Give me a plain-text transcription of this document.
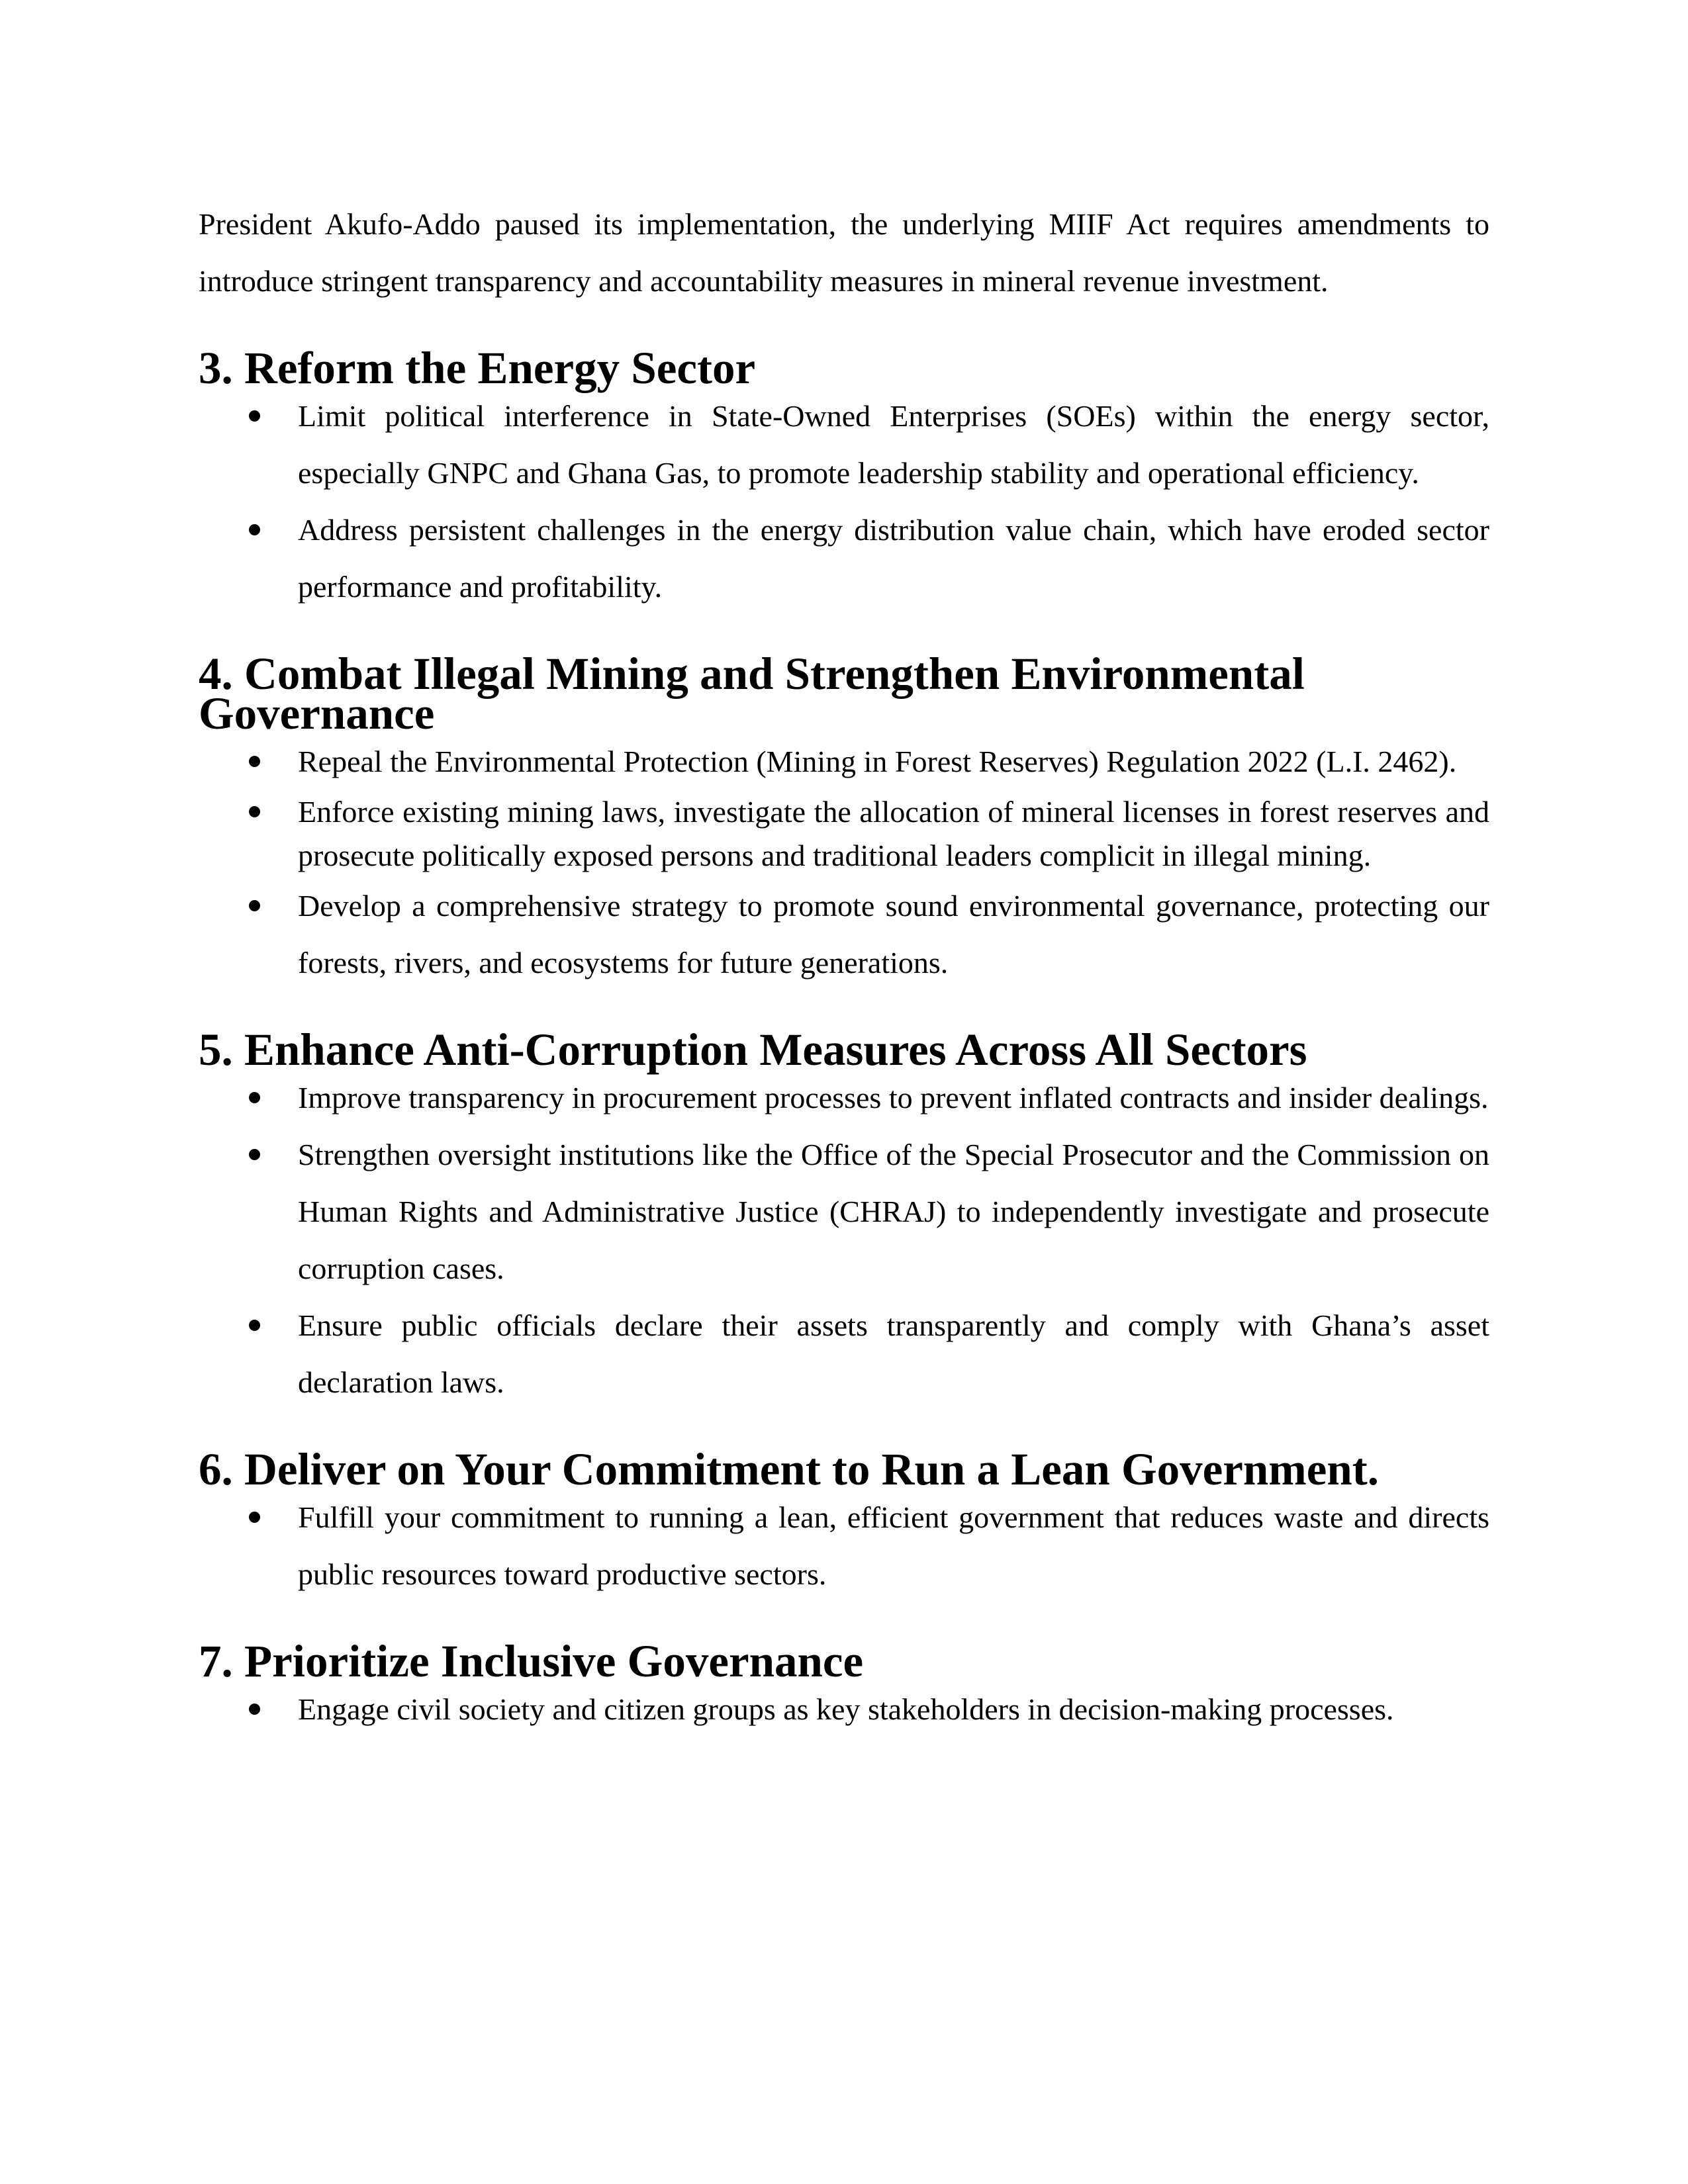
President Akufo-Addo paused its implementation, the underlying MIIF Act requires amendments to introduce stringent transparency and accountability measures in mineral revenue investment.

3. Reform the Energy Sector
Limit political interference in State-Owned Enterprises (SOEs) within the energy sector, especially GNPC and Ghana Gas, to promote leadership stability and operational efficiency.
Address persistent challenges in the energy distribution value chain, which have eroded sector performance and profitability.
4. Combat Illegal Mining and Strengthen Environmental Governance
Repeal the Environmental Protection (Mining in Forest Reserves) Regulation 2022 (L.I. 2462).
Enforce existing mining laws, investigate the allocation of mineral licenses in forest reserves and prosecute politically exposed persons and traditional leaders complicit in illegal mining.
Develop a comprehensive strategy to promote sound environmental governance, protecting our forests, rivers, and ecosystems for future generations.
5. Enhance Anti-Corruption Measures Across All Sectors
Improve transparency in procurement processes to prevent inflated contracts and insider dealings.
Strengthen oversight institutions like the Office of the Special Prosecutor and the Commission on Human Rights and Administrative Justice (CHRAJ) to independently investigate and prosecute corruption cases.
Ensure public officials declare their assets transparently and comply with Ghana’s asset declaration laws.
6. Deliver on Your Commitment to Run a Lean Government.
Fulfill your commitment to running a lean, efficient government that reduces waste and directs public resources toward productive sectors.
7. Prioritize Inclusive Governance
Engage civil society and citizen groups as key stakeholders in decision-making processes.
